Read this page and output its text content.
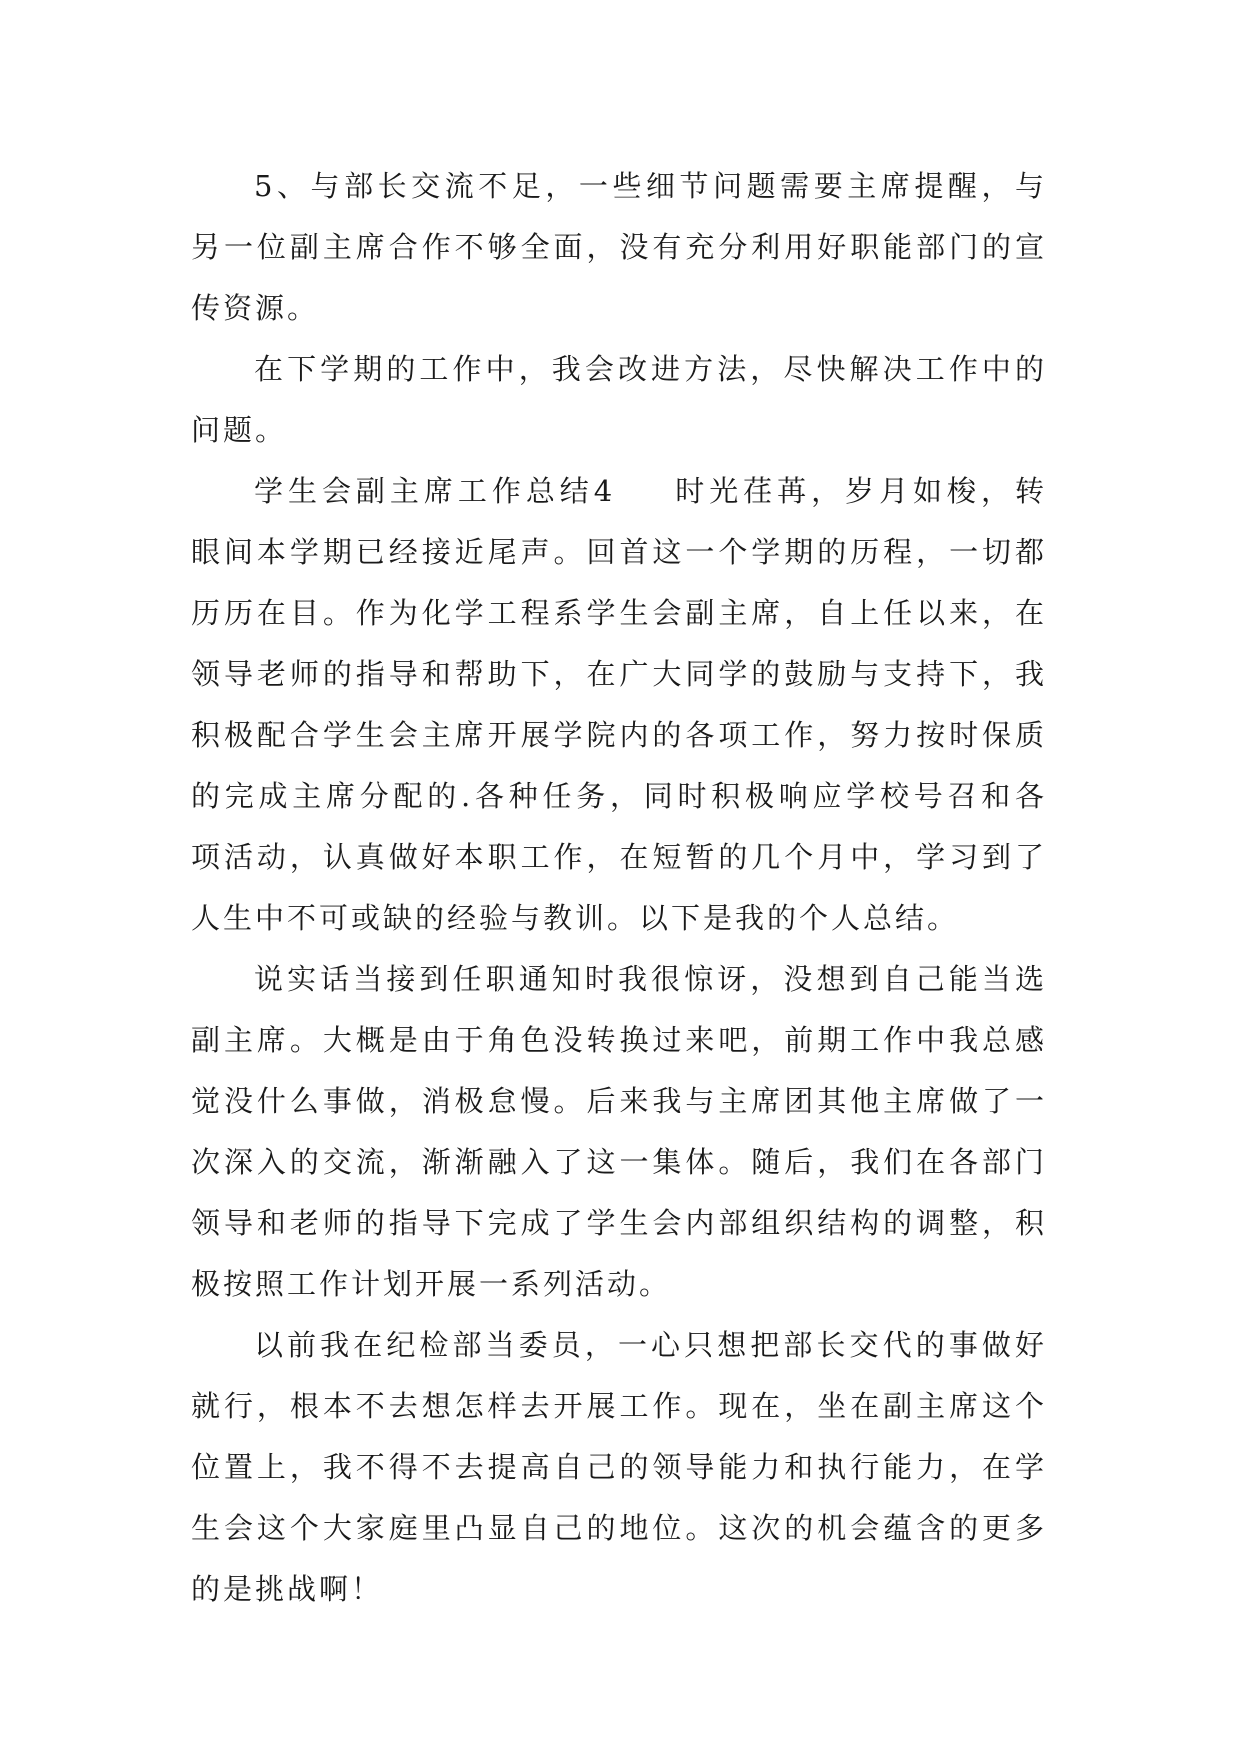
5、与部长交流不足，一些细节问题需要主席提醒，与
另一位副主席合作不够全面，没有充分利用好职能部门的宣
传资源。
在下学期的工作中，我会改进方法，尽快解决工作中的
问题。
学生会副主席工作总结4 时光荏苒，岁月如梭，转
眼间本学期已经接近尾声。回首这一个学期的历程，一切都
历历在目。作为化学工程系学生会副主席，自上任以来，在
领导老师的指导和帮助下，在广大同学的鼓励与支持下，我
积极配合学生会主席开展学院内的各项工作，努力按时保质
的完成主席分配的.各种任务，同时积极响应学校号召和各
项活动，认真做好本职工作，在短暂的几个月中，学习到了
人生中不可或缺的经验与教训。以下是我的个人总结。
说实话当接到任职通知时我很惊讶，没想到自己能当选
副主席。大概是由于角色没转换过来吧，前期工作中我总感
觉没什么事做，消极怠慢。后来我与主席团其他主席做了一
次深入的交流，渐渐融入了这一集体。随后，我们在各部门
领导和老师的指导下完成了学生会内部组织结构的调整，积
极按照工作计划开展一系列活动。
以前我在纪检部当委员，一心只想把部长交代的事做好
就行，根本不去想怎样去开展工作。现在，坐在副主席这个
位置上，我不得不去提高自己的领导能力和执行能力，在学
生会这个大家庭里凸显自己的地位。这次的机会蕴含的更多
的是挑战啊！
